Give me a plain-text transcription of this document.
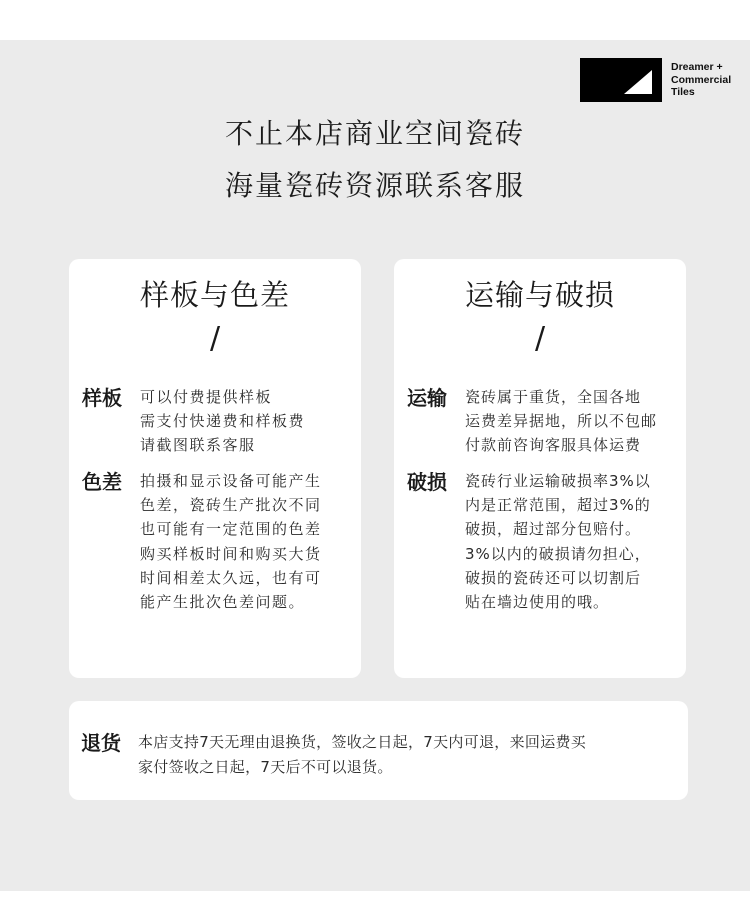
Dreamer +
Commercial
Tiles
不止本店商业空间瓷砖
海量瓷砖资源联系客服
样板与色差
/
样板	可以付费提供样板
需支付快递费和样板费
请截图联系客服
色差	拍摄和显示设备可能产生
色差，瓷砖生产批次不同
也可能有一定范围的色差
购买样板时间和购买大货
时间相差太久远，也有可
能产生批次色差问题。
运输与破损
/
运输	瓷砖属于重货，全国各地
运费差异据地，所以不包邮
付款前咨询客服具体运费
破损	瓷砖行业运输破损率3%以
内是正常范围，超过3%的
破损，超过部分包赔付。
3%以内的破损请勿担心，
破损的瓷砖还可以切割后
贴在墙边使用的哦。
退货	本店支持7天无理由退换货，签收之日起，7天内可退，来回运费买
家付签收之日起，7天后不可以退货。
